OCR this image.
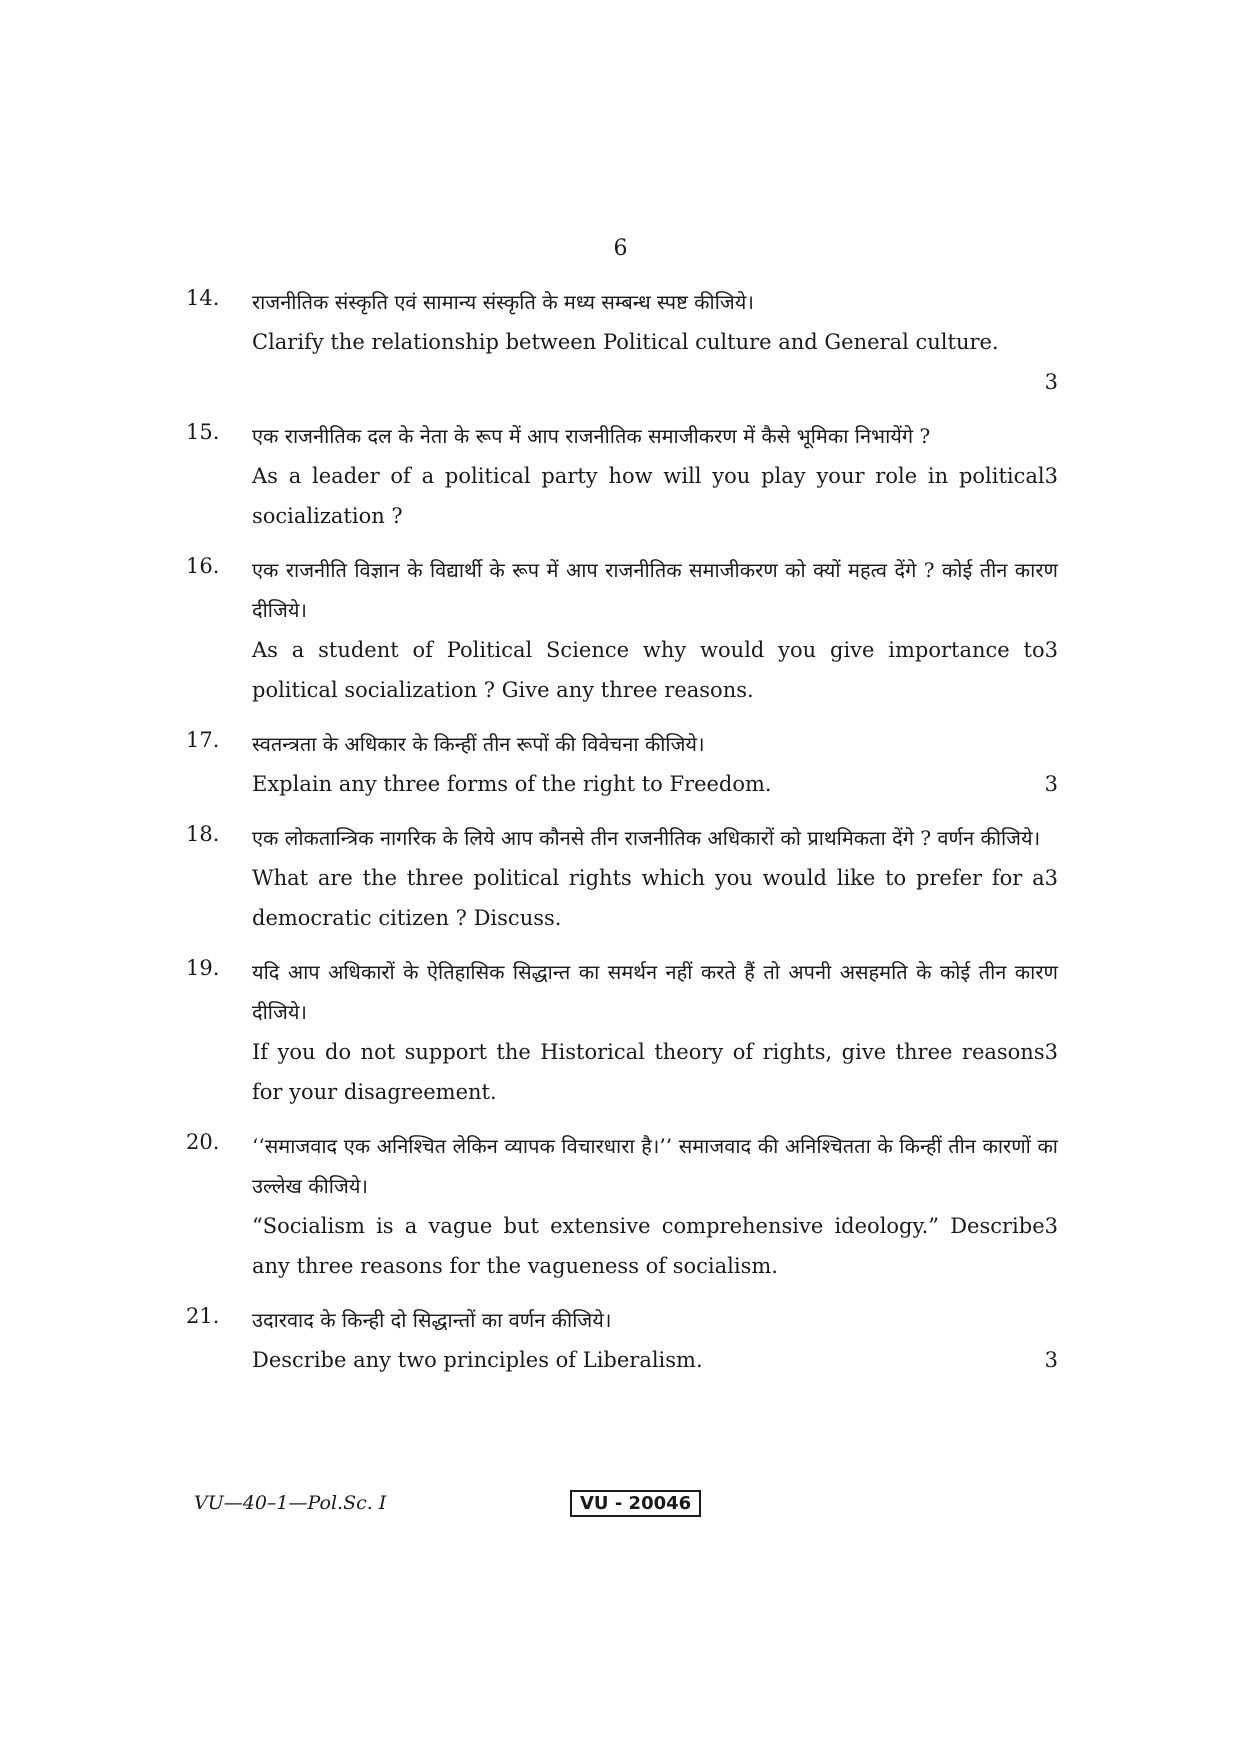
6
14. राजनीतिक संस्कृति एवं सामान्य संस्कृति के मध्य सम्बन्ध स्पष्ट कीजिये।
Clarify the relationship between Political culture and General culture.
3
15. एक राजनीतिक दल के नेता के रूप में आप राजनीतिक समाजीकरण में कैसे भूमिका निभायेंगे ?
3
As a leader of a political party how will you play your role in political socialization ?
16. एक राजनीति विज्ञान के विद्यार्थी के रूप में आप राजनीतिक समाजीकरण को क्यों महत्व देंगे ? कोई तीन कारण दीजिये।
3
As a student of Political Science why would you give importance to political socialization ? Give any three reasons.
17. स्वतन्त्रता के अधिकार के किन्हीं तीन रूपों की विवेचना कीजिये।
3
Explain any three forms of the right to Freedom.
18. एक लोकतान्त्रिक नागरिक के लिये आप कौनसे तीन राजनीतिक अधिकारों को प्राथमिकता देंगे ? वर्णन कीजिये।
3
What are the three political rights which you would like to prefer for a democratic citizen ? Discuss.
19. यदि आप अधिकारों के ऐतिहासिक सिद्धान्त का समर्थन नहीं करते हैं तो अपनी असहमति के कोई तीन कारण दीजिये।
3
If you do not support the Historical theory of rights, give three reasons for your disagreement.
20. ‘‘समाजवाद एक अनिश्चित लेकिन व्यापक विचारधारा है।’’ समाजवाद की अनिश्चितता के किन्हीं तीन कारणों का उल्लेख कीजिये।
3
“Socialism is a vague but extensive comprehensive ideology.” Describe any three reasons for the vagueness of socialism.
21. उदारवाद के किन्ही दो सिद्धान्तों का वर्णन कीजिये।
3
Describe any two principles of Liberalism.
VU—40–1—Pol.Sc. I	VU - 20046
